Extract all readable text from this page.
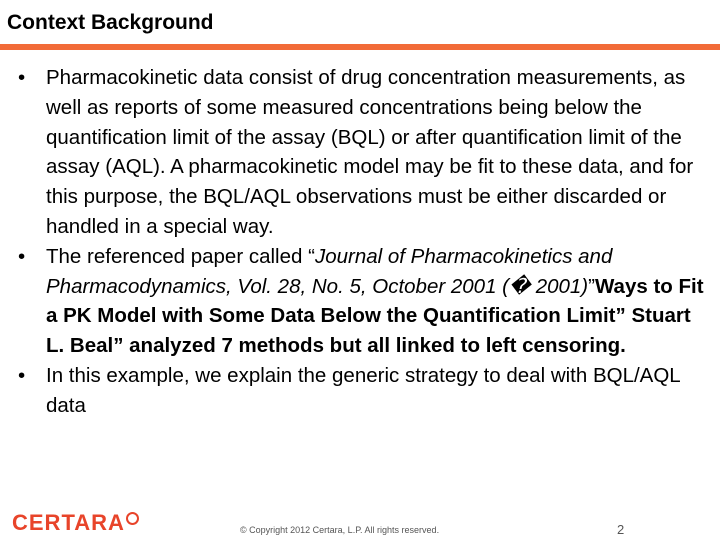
Context Background
• Pharmacokinetic data consist of drug concentration measurements, as well as reports of some measured concentrations being below the quantification limit of the assay (BQL) or after quantification limit of the assay (AQL). A pharmacokinetic model may be fit to these data, and for this purpose, the BQL/AQL observations must be either discarded or handled in a special way.
• The referenced paper called “Journal of Pharmacokinetics and Pharmacodynamics, Vol. 28, No. 5, October 2001 (� 2001)”Ways to Fit a PK Model with Some Data Below the Quantification Limit” Stuart L. Beal” analyzed 7 methods but all linked to left censoring.
• In this example, we explain the generic strategy to deal with BQL/AQL data
CERTARA	© Copyright 2012 Certara, L.P. All rights reserved.	2
